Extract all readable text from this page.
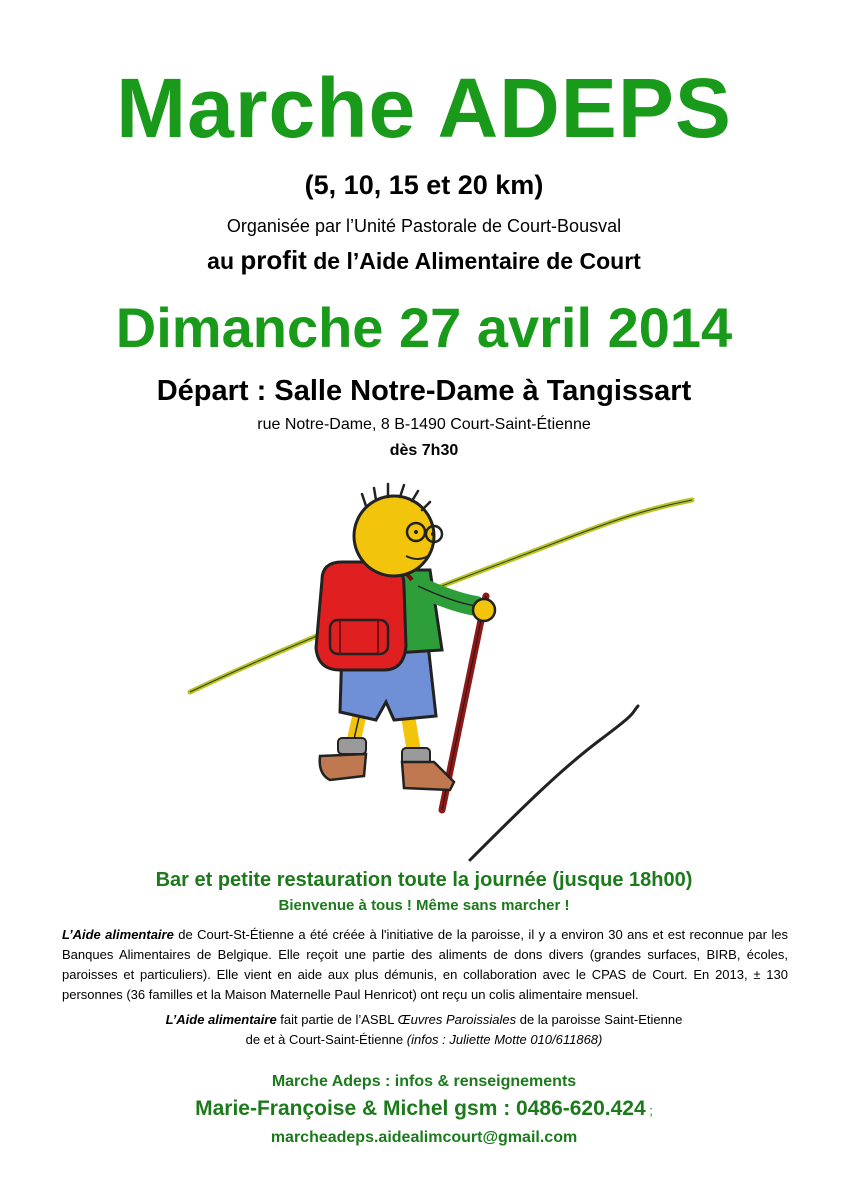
Marche ADEPS
(5, 10, 15 et 20 km)
Organisée par l’Unité Pastorale de Court-Bousval
au profit de l’Aide Alimentaire de Court
Dimanche 27 avril 2014
Départ : Salle Notre-Dame à Tangissart
rue Notre-Dame, 8 B-1490 Court-Saint-Étienne
dès 7h30
Bar et petite restauration toute la journée (jusque 18h00)
Bienvenue à tous ! Même sans marcher !
L’Aide alimentaire de Court-St-Étienne a été créée à l'initiative de la paroisse, il y a environ 30 ans et est reconnue par les Banques Alimentaires de Belgique. Elle reçoit une partie des aliments de dons divers (grandes surfaces, BIRB, écoles, paroisses et particuliers). Elle vient en aide aux plus démunis, en collaboration avec le CPAS de Court. En 2013, ± 130 personnes (36 familles et la Maison Maternelle Paul Henricot) ont reçu un colis alimentaire mensuel.
L’Aide alimentaire fait partie de l’ASBL Œuvres Paroissiales de la paroisse Saint-Etienne
de et à Court-Saint-Étienne (infos : Juliette Motte 010/611868)
Marche Adeps : infos & renseignements
Marie-Françoise & Michel gsm : 0486-620.424 ;
marcheadeps.aidealimcourt@gmail.com
